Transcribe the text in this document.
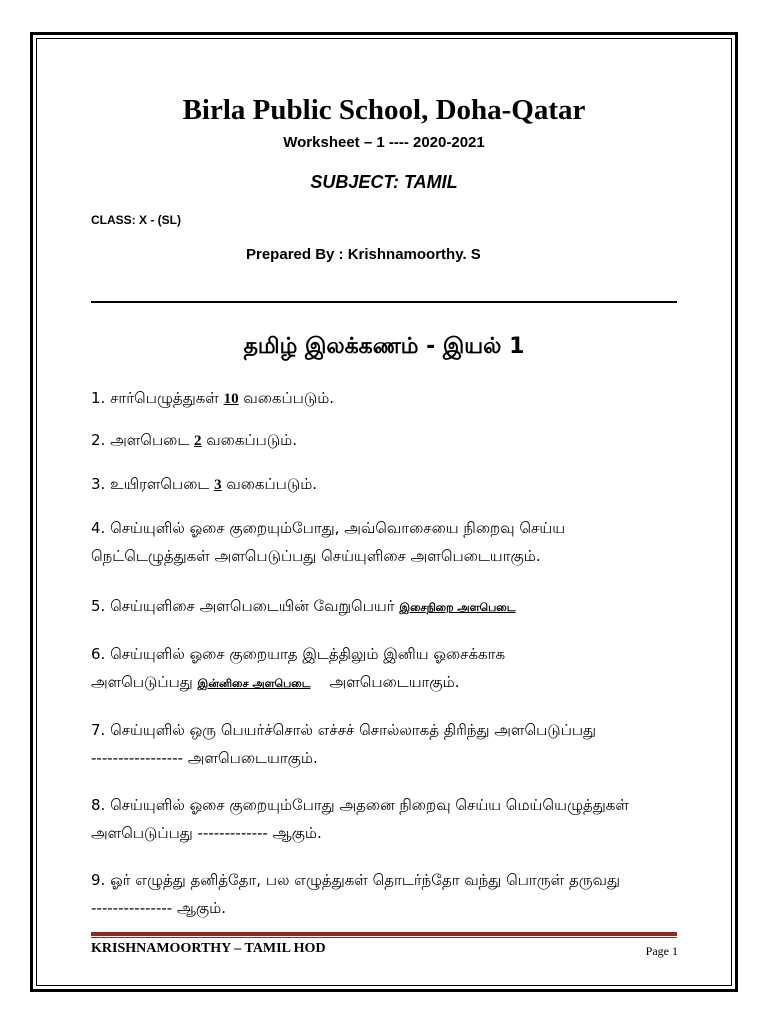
Birla Public School, Doha-Qatar
Worksheet – 1 ---- 2020-2021
SUBJECT: TAMIL
CLASS: X - (SL)
Prepared By : Krishnamoorthy. S
தமிழ் இலக்கணம் - இயல் 1
1. சார்பெழுத்துகள் 10 வகைப்படும்.
2. அளபெடை 2 வகைப்படும்.
3. உயிரளபெடை 3 வகைப்படும்.
4. செய்யுளில் ஓசை குறையும்போது, அவ்வொசையை நிறைவு செய்ய
நெட்டெழுத்துகள் அளபெடுப்பது செய்யுளிசை அளபெடையாகும்.
5. செய்யுளிசை அளபெடையின் வேறுபெயர் இசைநிறை அளபெடை
6. செய்யுளில் ஓசை குறையாத இடத்திலும் இனிய ஓசைக்காக
அளபெடுப்பது இன்னிசை அளபெடை    அளபெடையாகும்.
7. செய்யுளில் ஒரு பெயர்ச்சொல் எச்சச் சொல்லாகத் திரிந்து அளபெடுப்பது
----------------- அளபெடையாகும்.
8. செய்யுளில் ஓசை குறையும்போது அதனை நிறைவு செய்ய மெய்யெழுத்துகள்
அளபெடுப்பது ------------- ஆகும்.
9. ஓர் எழுத்து தனித்தோ, பல எழுத்துகள் தொடர்ந்தோ வந்து பொருள் தருவது
--------------- ஆகும்.
KRISHNAMOORTHY – TAMIL HOD	Page 1
